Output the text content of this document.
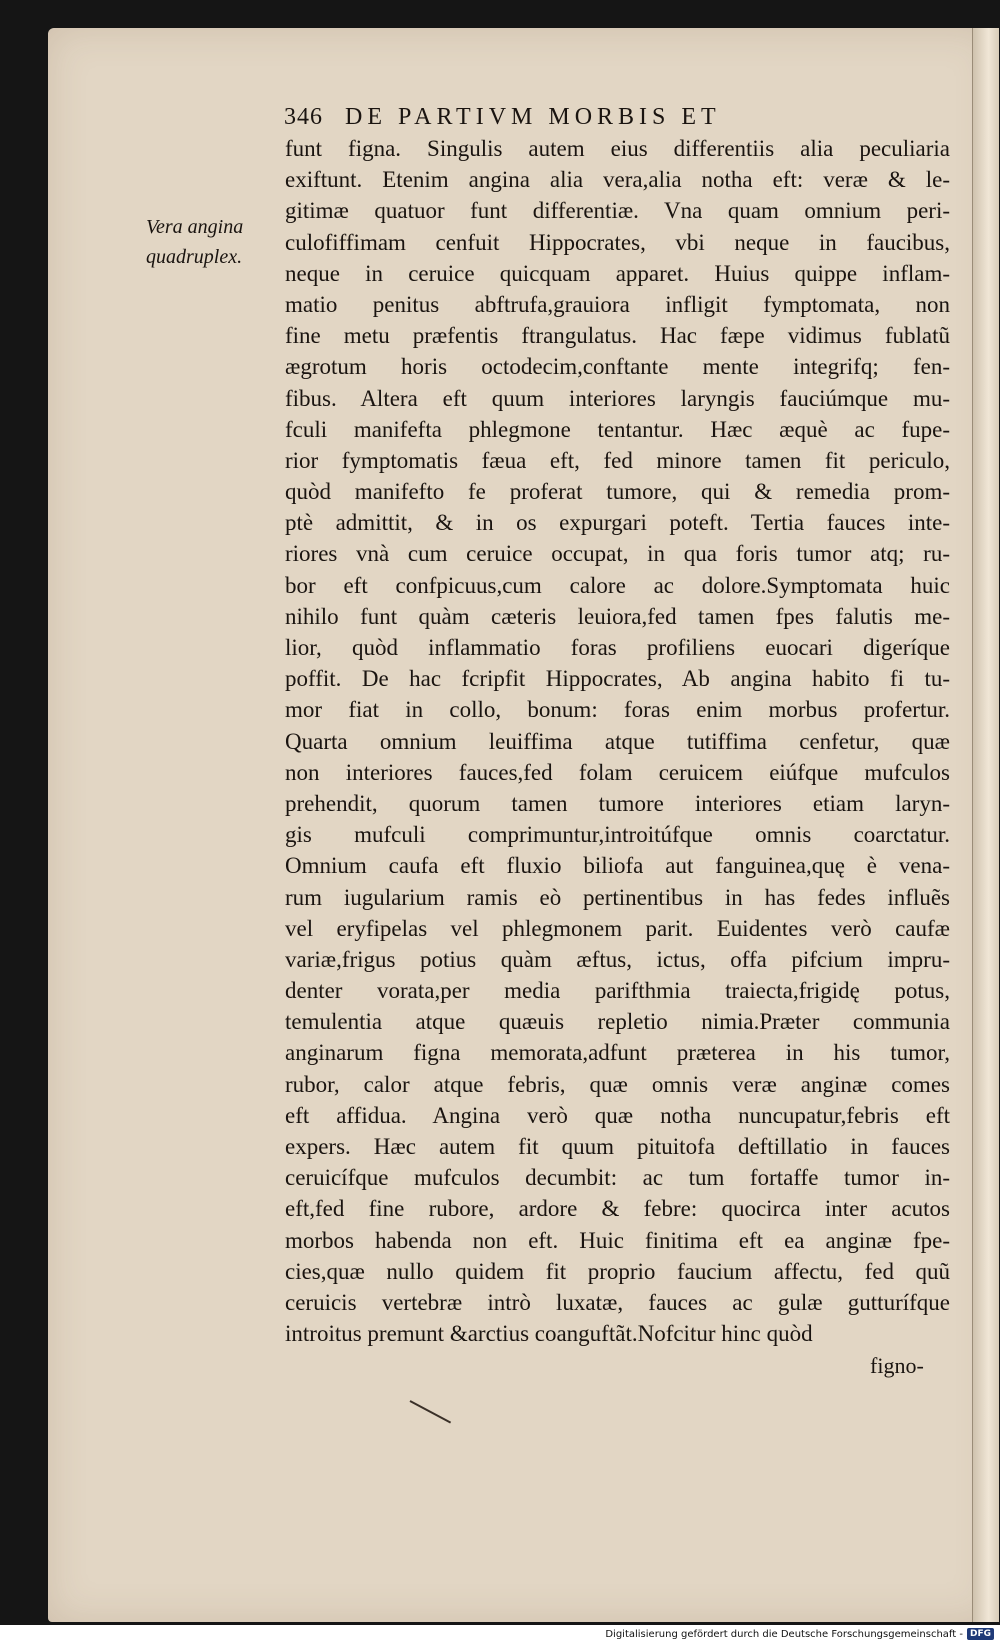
346 DE PARTIVM MORBIS ET
Vera angina
quadruplex.
funt figna. Singulis autem eius differentiis alia peculiaria
exiftunt. Etenim angina alia vera,alia notha eft: veræ & le-
gitimæ quatuor funt differentiæ. Vna quam omnium peri-
culofiffimam cenfuit Hippocrates, vbi neque in faucibus,
neque in ceruice quicquam apparet. Huius quippe inflam-
matio penitus abftrufa,grauiora infligit fymptomata, non
fine metu præfentis ftrangulatus. Hac fæpe vidimus fublatũ
ægrotum horis octodecim,conftante mente integrifq; fen-
fibus. Altera eft quum interiores laryngis fauciúmque mu-
fculi manifefta phlegmone tentantur. Hæc æquè ac fupe-
rior fymptomatis fæua eft, fed minore tamen fit periculo,
quòd manifefto fe proferat tumore, qui & remedia prom-
ptè admittit, & in os expurgari poteft. Tertia fauces inte-
riores vnà cum ceruice occupat, in qua foris tumor atq; ru-
bor eft confpicuus,cum calore ac dolore.Symptomata huic
nihilo funt quàm cæteris leuiora,fed tamen fpes falutis me-
lior, quòd inflammatio foras profiliens euocari digeríque
poffit. De hac fcripfit Hippocrates, Ab angina habito fi tu-
mor fiat in collo, bonum: foras enim morbus profertur.
Quarta omnium leuiffima atque tutiffima cenfetur, quæ
non interiores fauces,fed folam ceruicem eiúfque mufculos
prehendit, quorum tamen tumore interiores etiam laryn-
gis mufculi comprimuntur,introitúfque omnis coarctatur.
Omnium caufa eft fluxio biliofa aut fanguinea,quę è vena-
rum iugularium ramis eò pertinentibus in has fedes influẽs
vel eryfipelas vel phlegmonem parit. Euidentes verò caufæ
variæ,frigus potius quàm æftus, ictus, offa pifcium impru-
denter vorata,per media parifthmia traiecta,frigidę potus,
temulentia atque quæuis repletio nimia.Præter communia
anginarum figna memorata,adfunt præterea in his tumor,
rubor, calor atque febris, quæ omnis veræ anginæ comes
eft affidua. Angina verò quæ notha nuncupatur,febris eft
expers. Hæc autem fit quum pituitofa deftillatio in fauces
ceruicífque mufculos decumbit: ac tum fortaffe tumor in-
eft,fed fine rubore, ardore & febre: quocirca inter acutos
morbos habenda non eft. Huic finitima eft ea anginæ fpe-
cies,quæ nullo quidem fit proprio faucium affectu, fed quũ
ceruicis vertebræ intrò luxatæ, fauces ac gulæ gutturífque
introitus premunt &arctius coanguftãt.Nofcitur hinc quòd
figno-
Digitalisierung gefördert durch die Deutsche Forschungsgemeinschaft - DFG
